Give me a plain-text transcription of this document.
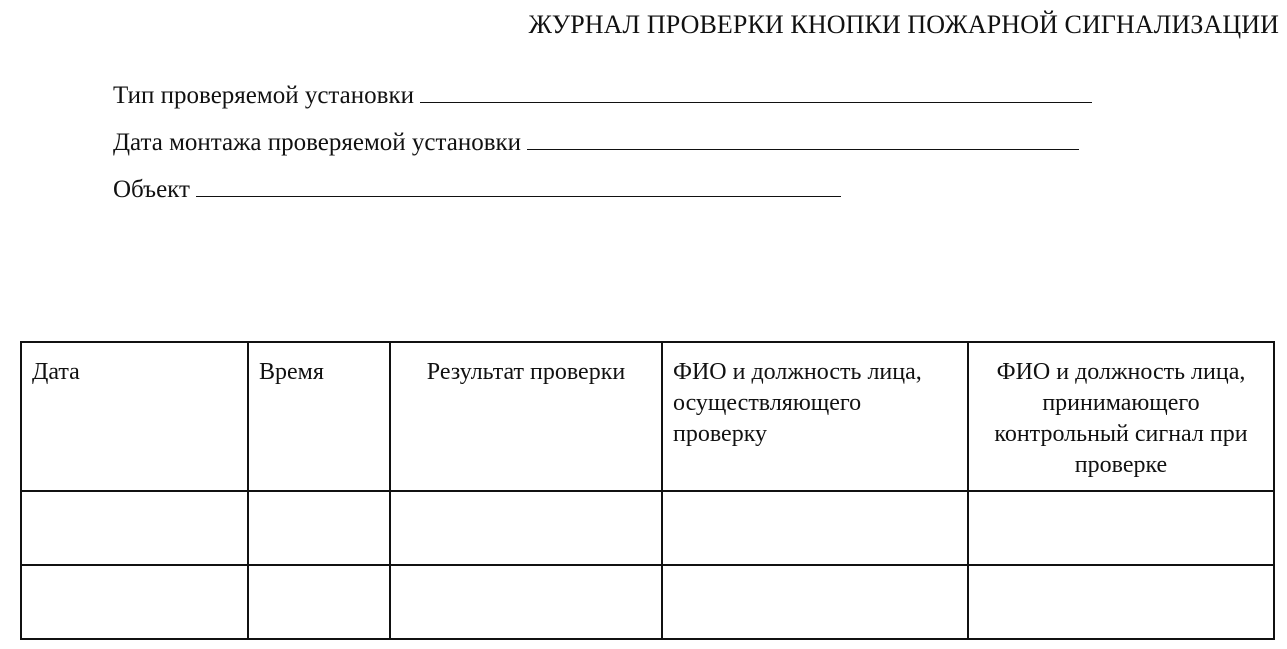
ЖУРНАЛ ПРОВЕРКИ КНОПКИ ПОЖАРНОЙ СИГНАЛИЗАЦИИ
Тип проверяемой установки
Дата монтажа проверяемой установки
Объект
Дата	Время	Результат проверки	ФИО и должность лица, осуществляющего проверку	ФИО и должность лица, принимающего контрольный сигнал при проверке
